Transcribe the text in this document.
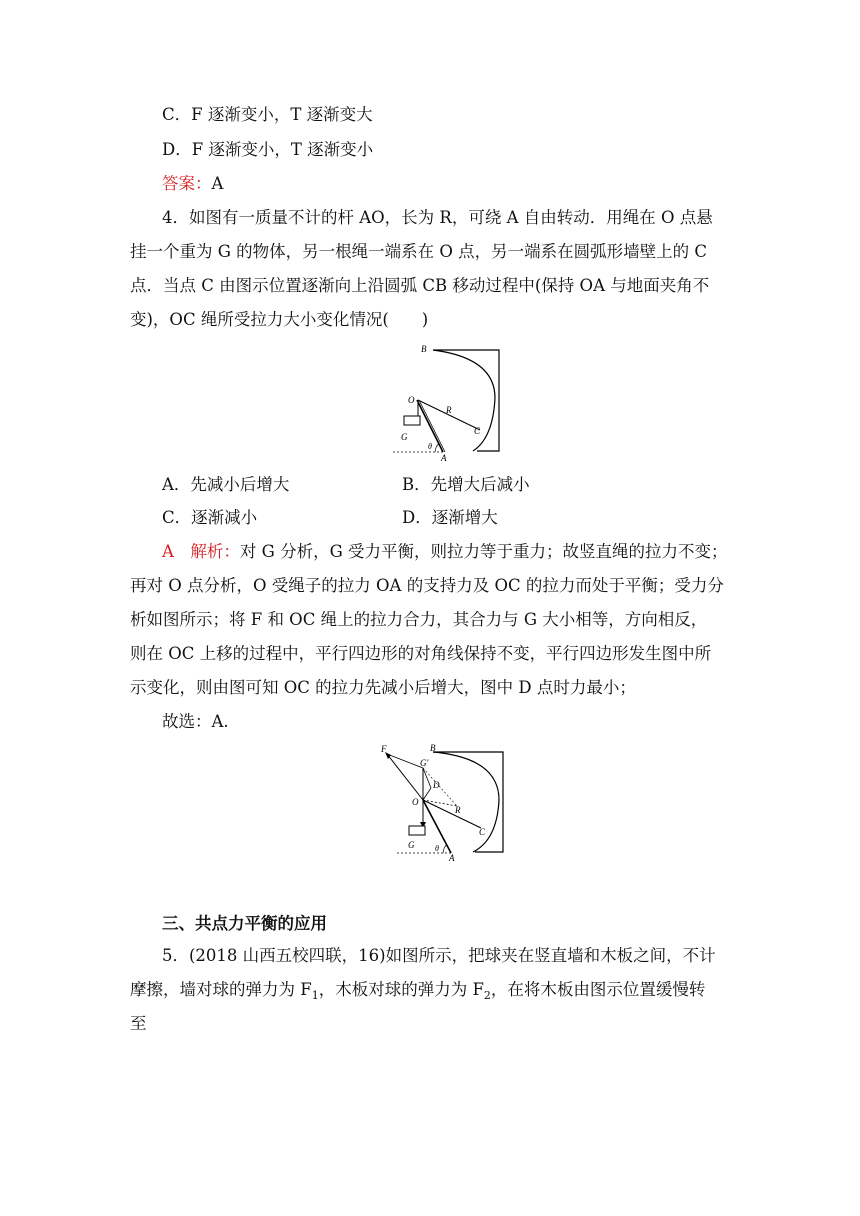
C．F 逐渐变小，T 逐渐变大
D．F 逐渐变小，T 逐渐变小
答案：A
4．如图有一质量不计的杆 AO，长为 R，可绕 A 自由转动．用绳在 O 点悬
挂一个重为 G 的物体，另一根绳一端系在 O 点，另一端系在圆弧形墙壁上的 C
点．当点 C 由图示位置逐渐向上沿圆弧 CB 移动过程中(保持 OA 与地面夹角不
变)，OC 绳所受拉力大小变化情况(　　)
B
O
R
C
G
θ
A
A．先减小后增大	B．先增大后减小
C．逐渐减小	D．逐渐增大
A　 解析：对 G 分析，G 受力平衡，则拉力等于重力；故竖直绳的拉力不变；
再对 O 点分析，O 受绳子的拉力 OA 的支持力及 OC 的拉力而处于平衡；受力分
析如图所示；将 F 和 OC 绳上的拉力合力，其合力与 G 大小相等，方向相反，
则在 OC 上移的过程中，平行四边形的对角线保持不变，平行四边形发生图中所
示变化，则由图可知 OC 的拉力先减小后增大，图中 D 点时力最小；
故选：A.
F	B
G′
D
O
R
C
G	θ
A
三、共点力平衡的应用
5．(2018 山西五校四联，16)如图所示，把球夹在竖直墙和木板之间，不计
摩擦，墙对球的弹力为 $F_1$，木板对球的弹力为 $F_2$，在将木板由图示位置缓慢转
至
